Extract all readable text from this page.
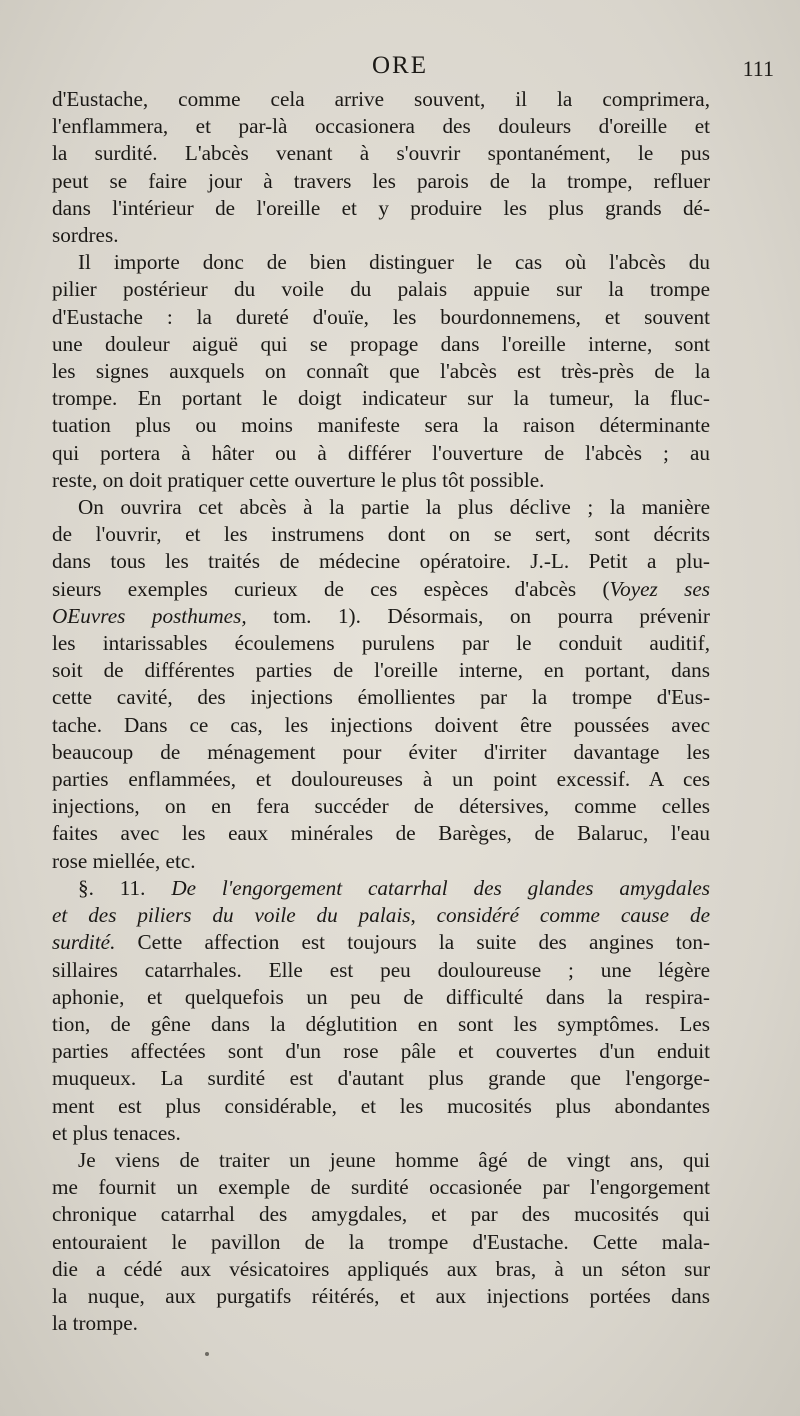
ORE	111
d'Eustache, comme cela arrive souvent, il la comprimera,
l'enflammera, et par-là occasionera des douleurs d'oreille et
la surdité. L'abcès venant à s'ouvrir spontanément, le pus
peut se faire jour à travers les parois de la trompe, refluer
dans l'intérieur de l'oreille et y produire les plus grands dé-
sordres.
Il importe donc de bien distinguer le cas où l'abcès du
pilier postérieur du voile du palais appuie sur la trompe
d'Eustache : la dureté d'ouïe, les bourdonnemens, et souvent
une douleur aiguë qui se propage dans l'oreille interne, sont
les signes auxquels on connaît que l'abcès est très-près de la
trompe. En portant le doigt indicateur sur la tumeur, la fluc-
tuation plus ou moins manifeste sera la raison déterminante
qui portera à hâter ou à différer l'ouverture de l'abcès ; au
reste, on doit pratiquer cette ouverture le plus tôt possible.
On ouvrira cet abcès à la partie la plus déclive ; la manière
de l'ouvrir, et les instrumens dont on se sert, sont décrits
dans tous les traités de médecine opératoire. J.-L. Petit a plu-
sieurs exemples curieux de ces espèces d'abcès (Voyez ses
OEuvres posthumes, tom. 1). Désormais, on pourra prévenir
les intarissables écoulemens purulens par le conduit auditif,
soit de différentes parties de l'oreille interne, en portant, dans
cette cavité, des injections émollientes par la trompe d'Eus-
tache. Dans ce cas, les injections doivent être poussées avec
beaucoup de ménagement pour éviter d'irriter davantage les
parties enflammées, et douloureuses à un point excessif. A ces
injections, on en fera succéder de détersives, comme celles
faites avec les eaux minérales de Barèges, de Balaruc, l'eau
rose miellée, etc.
§. 11. De l'engorgement catarrhal des glandes amygdales
et des piliers du voile du palais, considéré comme cause de
surdité. Cette affection est toujours la suite des angines ton-
sillaires catarrhales. Elle est peu douloureuse ; une légère
aphonie, et quelquefois un peu de difficulté dans la respira-
tion, de gêne dans la déglutition en sont les symptômes. Les
parties affectées sont d'un rose pâle et couvertes d'un enduit
muqueux. La surdité est d'autant plus grande que l'engorge-
ment est plus considérable, et les mucosités plus abondantes
et plus tenaces.
Je viens de traiter un jeune homme âgé de vingt ans, qui
me fournit un exemple de surdité occasionée par l'engorgement
chronique catarrhal des amygdales, et par des mucosités qui
entouraient le pavillon de la trompe d'Eustache. Cette mala-
die a cédé aux vésicatoires appliqués aux bras, à un séton sur
la nuque, aux purgatifs réitérés, et aux injections portées dans
la trompe.
